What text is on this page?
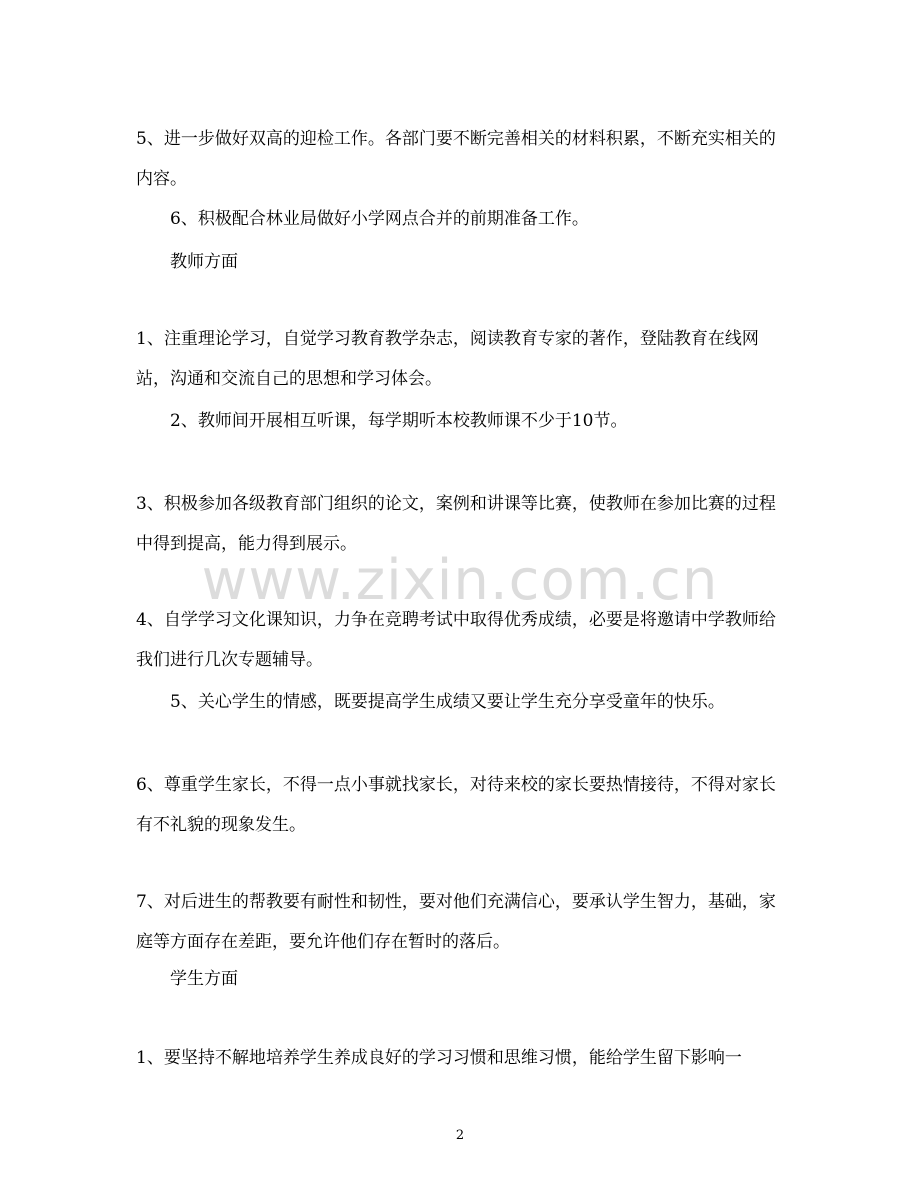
5、进一步做好双高的迎检工作。各部门要不断完善相关的材料积累，不断充实相关的内容。
6、积极配合林业局做好小学网点合并的前期准备工作。
教师方面
1、注重理论学习，自觉学习教育教学杂志，阅读教育专家的著作，登陆教育在线网站，沟通和交流自己的思想和学习体会。
2、教师间开展相互听课，每学期听本校教师课不少于10节。
3、积极参加各级教育部门组织的论文，案例和讲课等比赛，使教师在参加比赛的过程中得到提高，能力得到展示。
4、自学学习文化课知识，力争在竞聘考试中取得优秀成绩，必要是将邀请中学教师给我们进行几次专题辅导。
5、关心学生的情感，既要提高学生成绩又要让学生充分享受童年的快乐。
6、尊重学生家长，不得一点小事就找家长，对待来校的家长要热情接待，不得对家长有不礼貌的现象发生。
7、对后进生的帮教要有耐性和韧性，要对他们充满信心，要承认学生智力，基础，家庭等方面存在差距，要允许他们存在暂时的落后。
学生方面
1、要坚持不解地培养学生养成良好的学习习惯和思维习惯，能给学生留下影响一
www.zixin.com.cn
2
